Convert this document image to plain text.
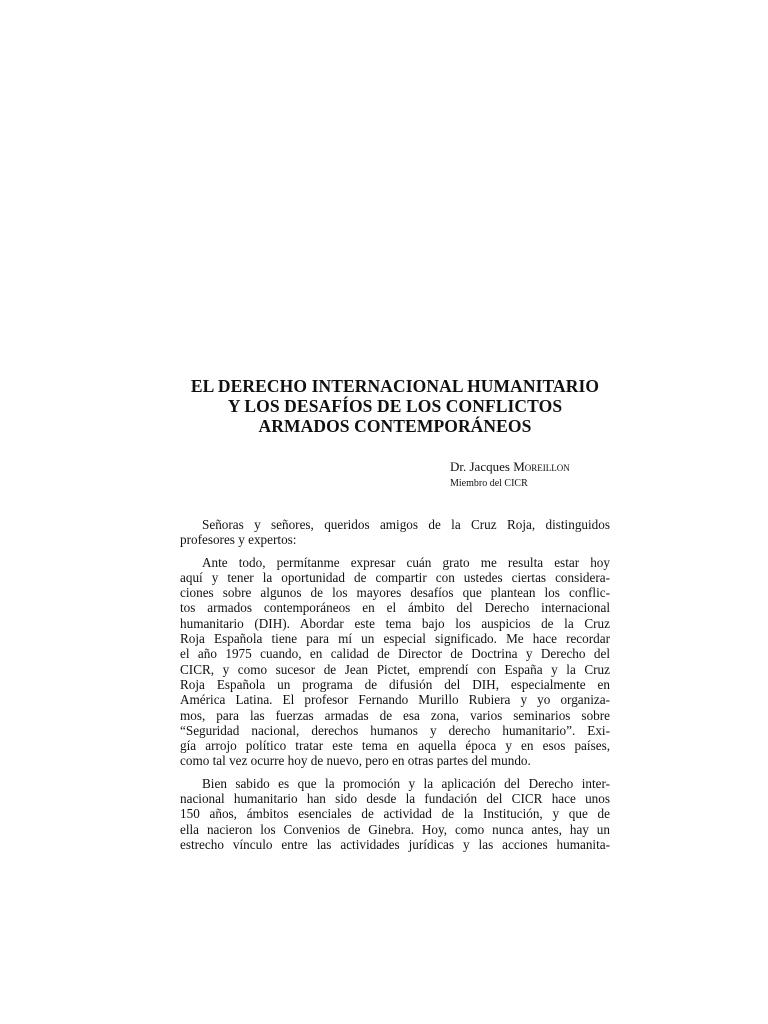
EL DERECHO INTERNACIONAL HUMANITARIO
Y LOS DESAFÍOS DE LOS CONFLICTOS
ARMADOS CONTEMPORÁNEOS
Dr. Jacques Moreillon
Miembro del CICR
Señoras y señores, queridos amigos de la Cruz Roja, distinguidos
profesores y expertos:
Ante todo, permítanme expresar cuán grato me resulta estar hoy
aquí y tener la oportunidad de compartir con ustedes ciertas considera-
ciones sobre algunos de los mayores desafíos que plantean los conflic-
tos armados contemporáneos en el ámbito del Derecho internacional
humanitario (DIH). Abordar este tema bajo los auspicios de la Cruz
Roja Española tiene para mí un especial significado. Me hace recordar
el año 1975 cuando, en calidad de Director de Doctrina y Derecho del
CICR, y como sucesor de Jean Pictet, emprendí con España y la Cruz
Roja Española un programa de difusión del DIH, especialmente en
América Latina. El profesor Fernando Murillo Rubiera y yo organiza-
mos, para las fuerzas armadas de esa zona, varios seminarios sobre
“Seguridad nacional, derechos humanos y derecho humanitario”. Exi-
gía arrojo político tratar este tema en aquella época y en esos países,
como tal vez ocurre hoy de nuevo, pero en otras partes del mundo.
Bien sabido es que la promoción y la aplicación del Derecho inter-
nacional humanitario han sido desde la fundación del CICR hace unos
150 años, ámbitos esenciales de actividad de la Institución, y que de
ella nacieron los Convenios de Ginebra. Hoy, como nunca antes, hay un
estrecho vínculo entre las actividades jurídicas y las acciones humanita-
